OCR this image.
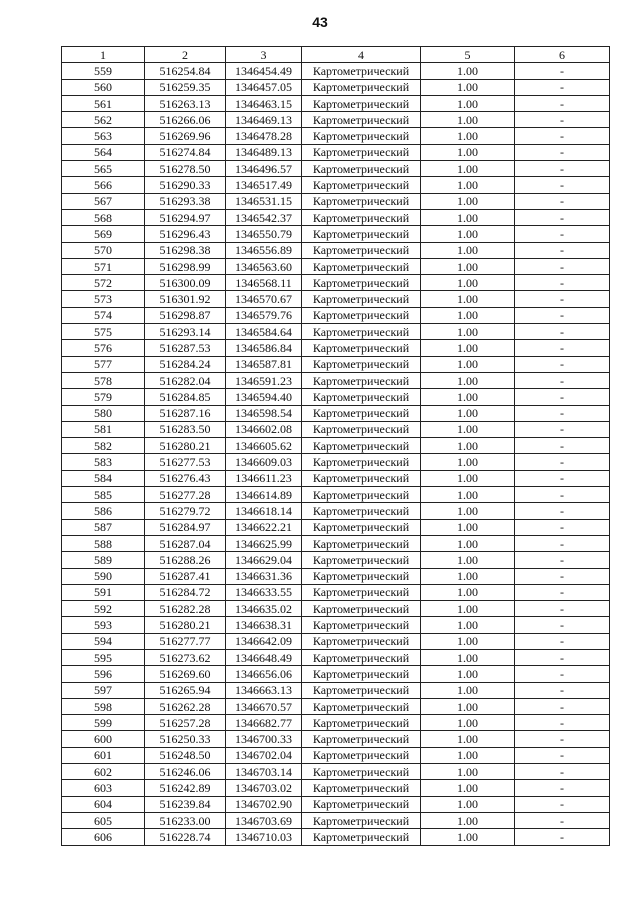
43
1	2	3	4	5	6
559	516254.84	1346454.49	Картометрический	1.00	-
560	516259.35	1346457.05	Картометрический	1.00	-
561	516263.13	1346463.15	Картометрический	1.00	-
562	516266.06	1346469.13	Картометрический	1.00	-
563	516269.96	1346478.28	Картометрический	1.00	-
564	516274.84	1346489.13	Картометрический	1.00	-
565	516278.50	1346496.57	Картометрический	1.00	-
566	516290.33	1346517.49	Картометрический	1.00	-
567	516293.38	1346531.15	Картометрический	1.00	-
568	516294.97	1346542.37	Картометрический	1.00	-
569	516296.43	1346550.79	Картометрический	1.00	-
570	516298.38	1346556.89	Картометрический	1.00	-
571	516298.99	1346563.60	Картометрический	1.00	-
572	516300.09	1346568.11	Картометрический	1.00	-
573	516301.92	1346570.67	Картометрический	1.00	-
574	516298.87	1346579.76	Картометрический	1.00	-
575	516293.14	1346584.64	Картометрический	1.00	-
576	516287.53	1346586.84	Картометрический	1.00	-
577	516284.24	1346587.81	Картометрический	1.00	-
578	516282.04	1346591.23	Картометрический	1.00	-
579	516284.85	1346594.40	Картометрический	1.00	-
580	516287.16	1346598.54	Картометрический	1.00	-
581	516283.50	1346602.08	Картометрический	1.00	-
582	516280.21	1346605.62	Картометрический	1.00	-
583	516277.53	1346609.03	Картометрический	1.00	-
584	516276.43	1346611.23	Картометрический	1.00	-
585	516277.28	1346614.89	Картометрический	1.00	-
586	516279.72	1346618.14	Картометрический	1.00	-
587	516284.97	1346622.21	Картометрический	1.00	-
588	516287.04	1346625.99	Картометрический	1.00	-
589	516288.26	1346629.04	Картометрический	1.00	-
590	516287.41	1346631.36	Картометрический	1.00	-
591	516284.72	1346633.55	Картометрический	1.00	-
592	516282.28	1346635.02	Картометрический	1.00	-
593	516280.21	1346638.31	Картометрический	1.00	-
594	516277.77	1346642.09	Картометрический	1.00	-
595	516273.62	1346648.49	Картометрический	1.00	-
596	516269.60	1346656.06	Картометрический	1.00	-
597	516265.94	1346663.13	Картометрический	1.00	-
598	516262.28	1346670.57	Картометрический	1.00	-
599	516257.28	1346682.77	Картометрический	1.00	-
600	516250.33	1346700.33	Картометрический	1.00	-
601	516248.50	1346702.04	Картометрический	1.00	-
602	516246.06	1346703.14	Картометрический	1.00	-
603	516242.89	1346703.02	Картометрический	1.00	-
604	516239.84	1346702.90	Картометрический	1.00	-
605	516233.00	1346703.69	Картометрический	1.00	-
606	516228.74	1346710.03	Картометрический	1.00	-
